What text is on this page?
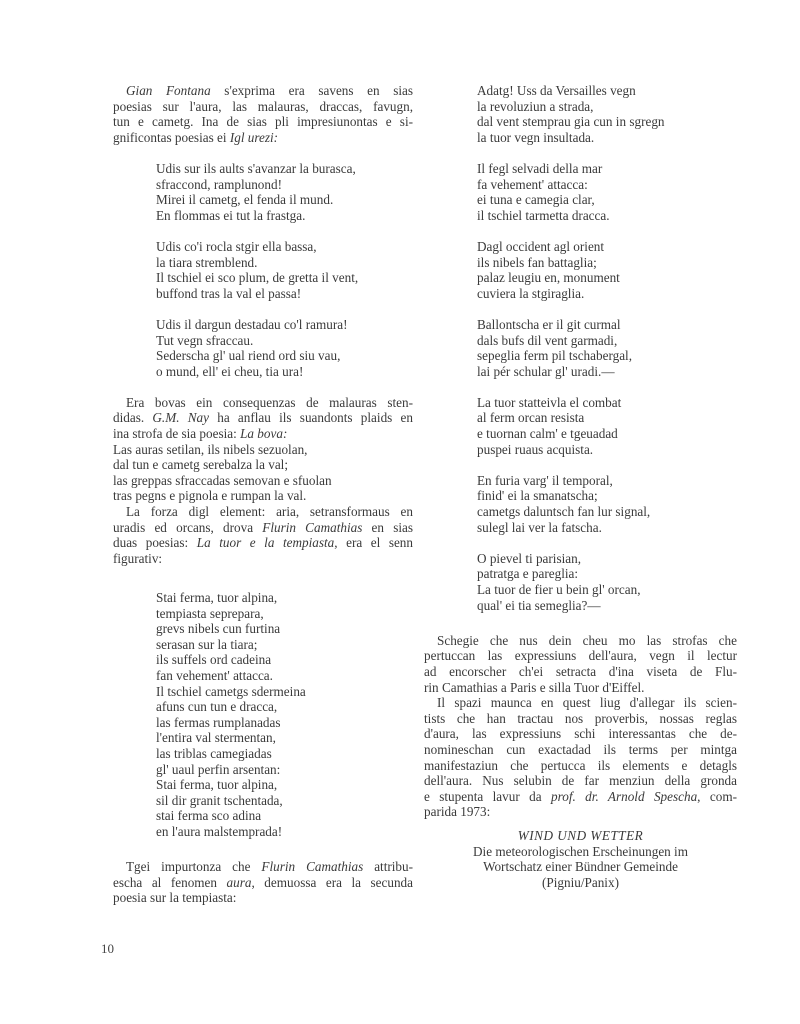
Gian Fontana s'exprima era savens en sias
poesias sur l'aura, las malauras, draccas, favugn,
tun e cametg. Ina de sias pli impresiunontas e si-
gnificontas poesias ei Igl urezi:
Udis sur ils aults s'avanzar la burasca,
sfraccond, ramplunond!
Mirei il cametg, el fenda il mund.
En flommas ei tut la frastga.
Udis co'i rocla stgir ella bassa,
la tiara stremblend.
Il tschiel ei sco plum, de gretta il vent,
buffond tras la val el passa!
Udis il dargun destadau co'l ramura!
Tut vegn sfraccau.
Sederscha gl' ual riend ord siu vau,
o mund, ell' ei cheu, tia ura!
Era bovas ein consequenzas de malauras sten-
didas. G.M. Nay ha anflau ils suandonts plaids en
ina strofa de sia poesia: La bova:
Las auras setilan, ils nibels sezuolan,
dal tun e cametg serebalza la val;
las greppas sfraccadas semovan e sfuolan
tras pegns e pignola e rumpan la val.
La forza digl element: aria, setransformaus en
uradis ed orcans, drova Flurin Camathias en sias
duas poesias: La tuor e la tempiasta, era el senn
figurativ:
Stai ferma, tuor alpina,
tempiasta seprepara,
grevs nibels cun furtina
serasan sur la tiara;
ils suffels ord cadeina
fan vehement' attacca.
Il tschiel cametgs sdermeina
afuns cun tun e dracca,
las fermas rumplanadas
l'entira val stermentan,
las triblas camegiadas
gl' uaul perfin arsentan:
Stai ferma, tuor alpina,
sil dir granit tschentada,
stai ferma sco adina
en l'aura malstemprada!
Tgei impurtonza che Flurin Camathias attribu-
escha al fenomen aura, demuossa era la secunda
poesia sur la tempiasta:
Adatg! Uss da Versailles vegn
la revoluziun a strada,
dal vent stemprau gia cun in sgregn
la tuor vegn insultada.
Il fegl selvadi della mar
fa vehement' attacca:
ei tuna e camegia clar,
il tschiel tarmetta dracca.
Dagl occident agl orient
ils nibels fan battaglia;
palaz leugiu en, monument
cuviera la stgiraglia.
Ballontscha er il git curmal
dals bufs dil vent garmadi,
sepeglia ferm pil tschabergal,
lai pér schular gl' uradi.—
La tuor statteivla el combat
al ferm orcan resista
e tuornan calm' e tgeuadad
puspei ruaus acquista.
En furia varg' il temporal,
finid' ei la smanatscha;
cametgs daluntsch fan lur signal,
sulegl lai ver la fatscha.
O pievel ti parisian,
patratga e pareglia:
La tuor de fier u bein gl' orcan,
qual' ei tia semeglia?—
Schegie che nus dein cheu mo las strofas che
pertuccan las expressiuns dell'aura, vegn il lectur
ad encorscher ch'ei setracta d'ina viseta de Flu-
rin Camathias a Paris e silla Tuor d'Eiffel.
Il spazi maunca en quest liug d'allegar ils scien-
tists che han tractau nos proverbis, nossas reglas
d'aura, las expressiuns schi interessantas che de-
nomineschan cun exactadad ils terms per mintga
manifestaziun che pertucca ils elements e detagls
dell'aura. Nus selubin de far menziun della gronda
e stupenta lavur da prof. dr. Arnold Spescha, com-
parida 1973:
WIND UND WETTER
Die meteorologischen Erscheinungen im
Wortschatz einer Bündner Gemeinde
(Pigniu/Panix)
10
